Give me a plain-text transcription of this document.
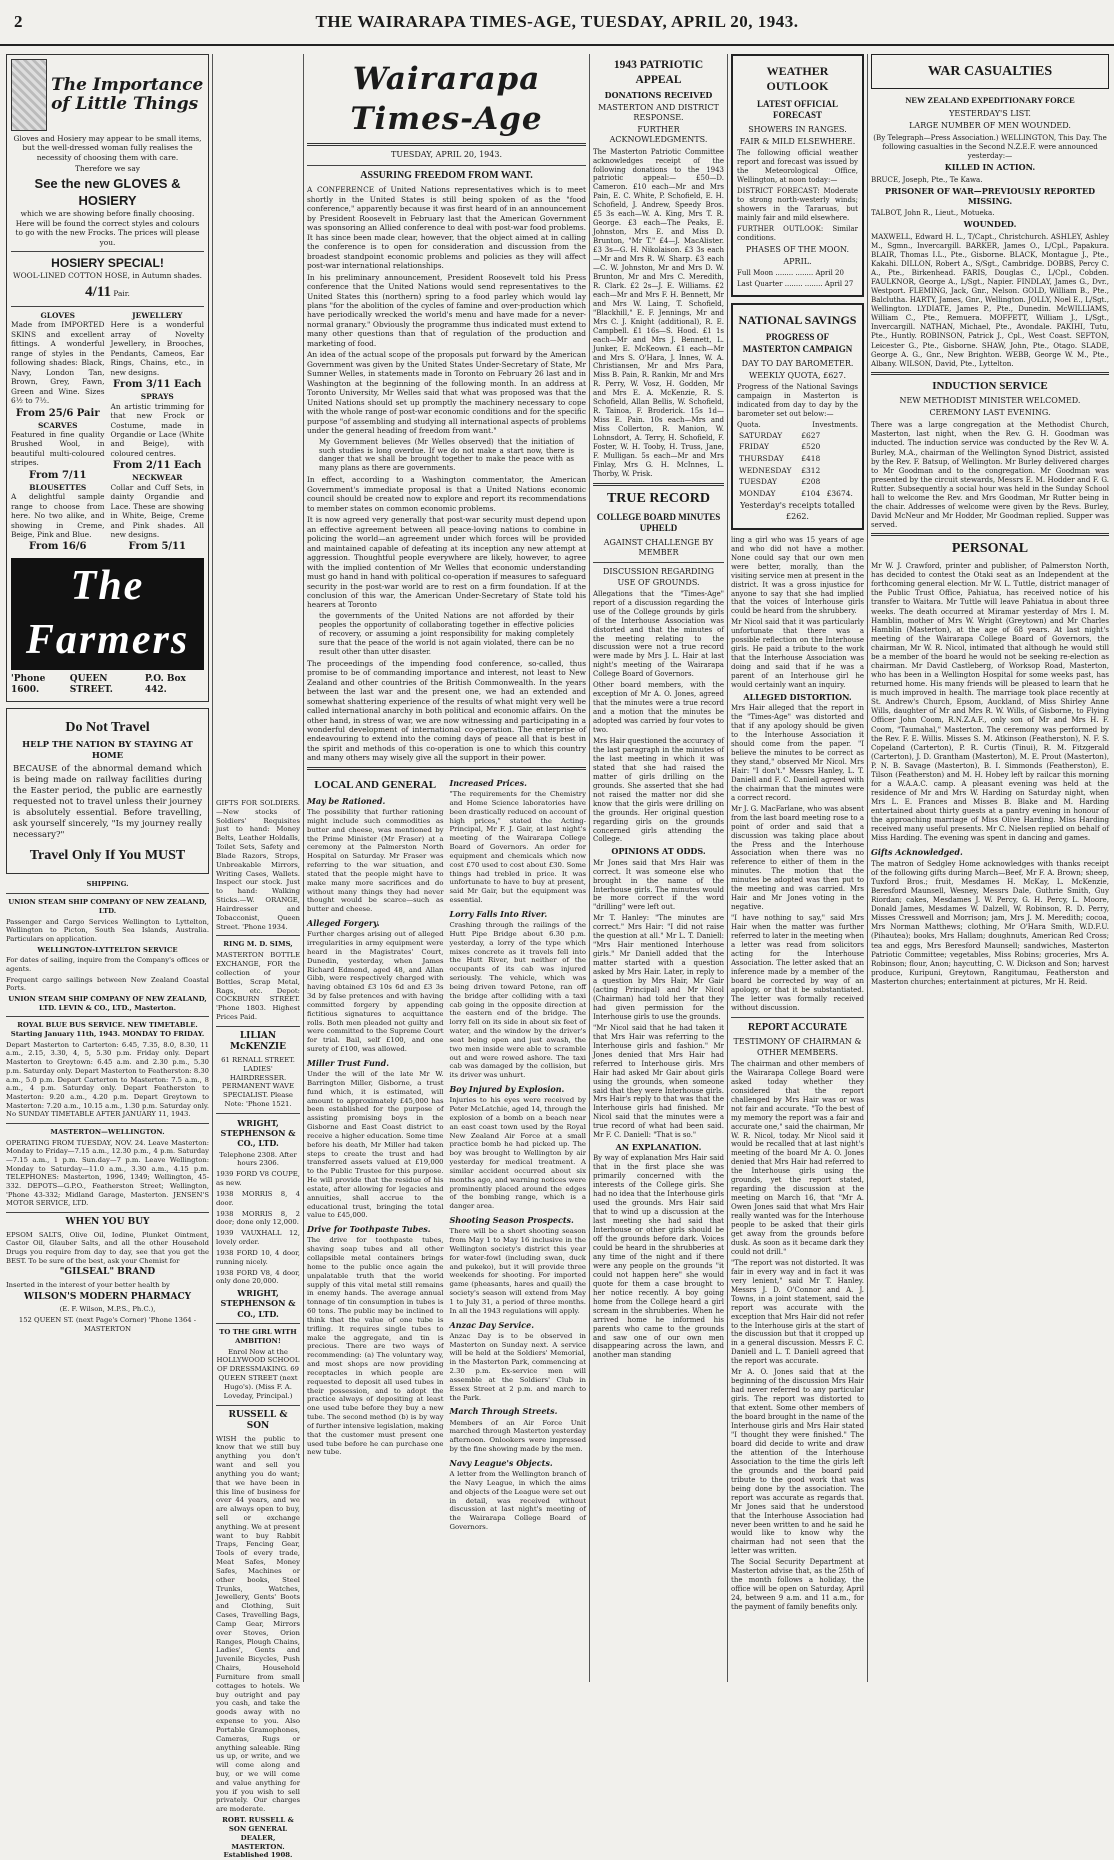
2	THE WAIRARAPA TIMES-AGE, TUESDAY, APRIL 20, 1943.
The Importance of Little Things

Gloves and Hosiery may appear to be small items, but the well-dressed woman fully realises the necessity of choosing them with care.

Therefore we say

See the new GLOVES & HOSIERY

which we are showing before finally choosing. Here will be found the correct styles and colours to go with the new Frocks. The prices will please you.

HOSIERY SPECIAL!

WOOL-LINED COTTON HOSE, in Autumn shades.

4/11 Pair.
GLOVES

Made from IMPORTED SKINS and excellent fittings. A wonderful range of styles in the following shades: Black, Navy, London Tan, Brown, Grey, Fawn, Green and Wine. Sizes 6½ to 7½.

From 25/6 Pair
SCARVES

Featured in fine quality Brushed Wool, in beautiful multi-coloured stripes.

From 7/11
BLOUSETTES

A delightful sample range to choose from here. No two alike, and showing in Creme, Beige, Pink and Blue.

From 16/6
JEWELLERY

Here is a wonderful array of Novelty Jewellery, in Brooches, Pendants, Cameos, Ear Rings, Chains, etc., in new designs.

From 3/11 Each
SPRAYS

An artistic trimming for that new Frock or Costume, made in Organdie or Lace (White and Beige), with coloured centres.

From 2/11 Each
NECKWEAR

Collar and Cuff Sets, in dainty Organdie and Lace. These are showing in White, Beige, Creme and Pink shades. All new designs.

From 5/11
The Farmers
'Phone 1600.
QUEEN STREET.
P.O. Box 442.
Do Not Travel
HELP THE NATION BY STAYING AT HOME

BECAUSE of the abnormal demand which is being made on railway facilities during the Easter period, the public are earnestly requested not to travel unless their journey is absolutely essential. Before travelling, ask yourself sincerely, "Is my journey really necessary?"

Travel Only If You MUST
SHIPPING.

UNION STEAM SHIP COMPANY OF NEW ZEALAND, LTD.

Passenger and Cargo Services Wellington to Lyttelton, Wellington to Picton, South Sea Islands, Australia. Particulars on application.

WELLINGTON-LYTTELTON SERVICE

For dates of sailing, inquire from the Company's offices or agents.

Frequent cargo sailings between New Zealand Coastal Ports.

UNION STEAM SHIP COMPANY OF NEW ZEALAND, LTD. LEVIN & CO., LTD., Masterton.

ROYAL BLUE BUS SERVICE. NEW TIMETABLE. Starting January 11th, 1943. MONDAY TO FRIDAY.

Depart Masterton to Carterton: 6.45, 7.35, 8.0, 8.30, 11 a.m., 2.15, 3.30, 4, 5, 5.30 p.m. Friday only. Depart Masterton to Greytown: 6.45 a.m. and 2.30 p.m., 5.30 p.m. Saturday only. Depart Masterton to Featherston: 8.30 a.m., 5.0 p.m. Depart Carterton to Masterton: 7.5 a.m., 8 a.m., 4 p.m. Saturday only. Depart Featherston to Masterton: 9.20 a.m., 4.20 p.m. Depart Greytown to Masterton: 7.20 a.m., 10.15 a.m., 1.30 p.m. Saturday only. No SUNDAY TIMETABLE AFTER JANUARY 11, 1943.

MASTERTON—WELLINGTON.

OPERATING FROM TUESDAY, NOV. 24. Leave Masterton: Monday to Friday—7.15 a.m., 12.30 p.m., 4 p.m. Saturday—7.15 a.m., 1 p.m. Sun.day—7 p.m. Leave Wellington: Monday to Saturday—11.0 a.m., 3.30 a.m., 4.15 p.m. TELEPHONES: Masterton, 1996, 1349; Wellington, 45-332. DEPOTS—G.P.O., Featherston Street; Wellington, 'Phone 43-332; Midland Garage, Masterton. JENSEN'S MOTOR SERVICE, LTD.

WHEN YOU BUY

EPSOM SALTS, Olive Oil, Iodine, Plunket Ointment, Castor Oil, Glauber Salts, and all the other Household Drugs you require from day to day, see that you get the BEST. To be sure of the best, ask your Chemist for

"GILSEAL" BRAND

Inserted in the interest of your better health by

WILSON'S MODERN PHARMACY

(E. F. Wilson, M.P.S., Ph.C.),

152 QUEEN ST. (next Page's Corner) 'Phone 1364 - MASTERTON

GIFTS FOR SOLDIERS.—New stocks of Soldiers' Requisites just to hand: Money Belts, Leather Holdalls, Toilet Sets, Safety and Blade Razors, Strops, Unbreakable Mirrors, Writing Cases, Wallets. Inspect our stock. Just to hand: Walking Sticks.—W. ORANGE, Hairdresser and Tobacconist, Queen Street. 'Phone 1934.

RING M. D. SIMS,

MASTERTON BOTTLE EXCHANGE, FOR the collection of your Bottles, Scrap Metal, Rags, etc. Depot: COCKBURN STREET. 'Phone 1803. Highest Prices Paid.

LILIAN McKENZIE

61 RENALL STREET. LADIES' HAIRDRESSER. PERMANENT WAVE SPECIALIST. Please Note: 'Phone 1521.

WRIGHT, STEPHENSON & CO., LTD.

Telephone 2308. After hours 2306.

1939 FORD V8 COUPE, as new.

1938 MORRIS 8, 4 door.

1938 MORRIS 8, 2 door; done only 12,000.

1939 VAUXHALL 12, lovely order.

1938 FORD 10, 4 door, running nicely.

1938 FORD V8, 4 door, only done 20,000.

WRIGHT, STEPHENSON & CO., LTD.

TO THE GIRL WITH AMBITION!

Enrol Now at the HOLLYWOOD SCHOOL OF DRESSMAKING. 69 QUEEN STREET (next Hugo's). (Miss F. A. Loveday, Principal.)

RUSSELL & SON

WISH the public to know that we still buy anything you don't want and sell you anything you do want; that we have been in this line of business for over 44 years, and we are always open to buy, sell or exchange anything. We at present want to buy Rabbit Traps, Fencing Gear, Tools of every trade, Meat Safes, Money Safes, Machines or other books, Steel Trunks, Watches, Jewellery, Gents' Boots and Clothing, Suit Cases, Travelling Bags, Camp Gear, Mirrors over Stoves, Orion Ranges, Plough Chains, Ladies', Gents and Juvenile Bicycles, Push Chairs, Household Furniture from small cottages to hotels. We buy outright and pay you cash, and take the goods away with no expense to you. Also Portable Gramophones, Cameras, Rugs or anything saleable. Ring us up, or write, and we will come along and buy, or we will come and value anything for you if you wish to sell privately. Our charges are moderate.

ROBT. RUSSELL & SON GENERAL DEALER, MASTERTON. Established 1908.

Wairarapa Times-Age
TUESDAY, APRIL 20, 1943.
ASSURING FREEDOM FROM WANT.

A CONFERENCE of United Nations representatives which is to meet shortly in the United States is still being spoken of as the "food conference," apparently because it was first heard of in an announcement by President Roosevelt in February last that the American Government was sponsoring an Allied conference to deal with post-war food problems. It has since been made clear, however, that the object aimed at in calling the conference is to open for consideration and discussion from the broadest standpoint economic problems and policies as they will affect post-war international relationships.

In his preliminary announcement, President Roosevelt told his Press conference that the United Nations would send representatives to the United States this (northern) spring to a food parley which would lay plans "for the abolition of the cycles of famine and over-production which have periodically wrecked the world's menu and have made for a never-normal granary." Obviously the programme thus indicated must extend to many other questions than that of regulation of the production and marketing of food.

An idea of the actual scope of the proposals put forward by the American Government was given by the United States Under-Secretary of State, Mr Sumner Welles, in statements made in Toronto on February 26 last and in Washington at the beginning of the following month. In an address at Toronto University, Mr Welles said that what was proposed was that the United Nations should set up promptly the machinery necessary to cope with the whole range of post-war economic conditions and for the specific purpose "of assembling and studying all international aspects of problems under the general heading of freedom from want."

My Government believes (Mr Welles observed) that the initiation of such studies is long overdue. If we do not make a start now, there is danger that we shall be brought together to make the peace with as many plans as there are governments.

In effect, according to a Washington commentator, the American Government's immediate proposal is that a United Nations economic council should be created now to explore and report its recommendations to member states on common economic problems.

It is now agreed very generally that post-war security must depend upon an effective agreement between all peace-loving nations to combine in policing the world—an agreement under which forces will be provided and maintained capable of defeating at its inception any new attempt at aggression. Thoughtful people everywhere are likely, however, to agree with the implied contention of Mr Welles that economic understanding must go hand in hand with political co-operation if measures to safeguard security in the post-war world are to rest on a firm foundation. If at the conclusion of this war, the American Under-Secretary of State told his hearers at Toronto

the governments of the United Nations are not afforded by their peoples the opportunity of collaborating together in effective policies of recovery, or assuming a joint responsibility for making completely sure that the peace of the world is not again violated, there can be no result other than utter disaster.

The proceedings of the impending food conference, so-called, thus promise to be of commanding importance and interest, not least to New Zealand and other countries of the British Commonwealth. In the years between the last war and the present one, we had an extended and somewhat shattering experience of the results of what might very well be called international anarchy in both political and economic affairs. On the other hand, in stress of war, we are now witnessing and participating in a wonderful development of international co-operation. The enterprise of endeavouring to extend into the coming days of peace all that is best in the spirit and methods of this co-operation is one to which this country and many others may wisely give all the support in their power.

LOCAL AND GENERAL
May be Rationed.

The possibility that further rationing might include such commodities as butter and cheese, was mentioned by the Prime Minister (Mr Fraser) at a ceremony at the Palmerston North Hospital on Saturday. Mr Fraser was referring to the war situation, and stated that the people might have to make many more sacrifices and do without many things they had never thought would be scarce—such as butter and cheese.

Alleged Forgery.

Further charges arising out of alleged irregularities in army equipment were heard in the Magistrates' Court, Dunedin, yesterday, when James Richard Edmond, aged 48, and Allan Gibb, were respectively charged with having obtained £3 10s 6d and £3 3s 3d by false pretences and with having committed forgery by appending fictitious signatures to acquittance rolls. Both men pleaded not guilty and were committed to the Supreme Court for trial. Bail, self £100, and one surety of £100, was allowed.

Miller Trust Fund.

Under the will of the late Mr W. Barrington Miller, Gisborne, a trust fund which, it is estimated, will amount to approximately £45,000 has been established for the purpose of assisting promising boys in the Gisborne and East Coast district to receive a higher education. Some time before his death, Mr Miller had taken steps to create the trust and had transferred assets valued at £19,000 to the Public Trustee for this purpose. He will provide that the residue of his estate, after allowing for legacies and annuities, shall accrue to the educational trust, bringing the total value to £45,000.

Drive for Toothpaste Tubes.

The drive for toothpaste tubes, shaving soap tubes and all other collapsible metal containers brings home to the public once again the unpalatable truth that the world supply of this vital metal still remains in enemy hands. The average annual tonnage of tin consumption in tubes is 60 tons. The public may be inclined to think that the value of one tube is trifling. It requires single tubes to make the aggregate, and tin is precious. There are two ways of recommending: (a) The voluntary way, and most shops are now providing receptacles in which people are requested to deposit all used tubes in their possession, and to adopt the practice always of depositing at least one used tube before they buy a new tube. The second method (b) is by way of further intensive legislation, making that the customer must present one used tube before he can purchase one new tube.

Increased Prices.

"The requirements for the Chemistry and Home Science laboratories have been drastically reduced on account of high prices," stated the Acting-Principal, Mr F. J. Gair, at last night's meeting of the Wairarapa College Board of Governors. An order for equipment and chemicals which now cost £70 used to cost about £30. Some things had trebled in price. It was unfortunate to have to buy at present, said Mr Gair, but the equipment was essential.

Lorry Falls Into River.

Crashing through the railings of the Hutt Pipe Bridge about 6.30 p.m. yesterday, a lorry of the type which mixes concrete as it travels fell into the Hutt River, but neither of the occupants of its cab was injured seriously. The vehicle, which was being driven toward Petone, ran off the bridge after colliding with a taxi cab going in the opposite direction at the eastern end of the bridge. The lorry fell on its side in about six feet of water, and the window by the driver's seat being open and just awash, the two men inside were able to scramble out and were rowed ashore. The taxi cab was damaged by the collision, but its driver was unhurt.

Boy Injured by Explosion.

Injuries to his eyes were received by Peter McLatchie, aged 14, through the explosion of a bomb on a beach near an east coast town used by the Royal New Zealand Air Force at a small practice bomb he had picked up. The boy was brought to Wellington by air yesterday for medical treatment. A similar accident occurred about six months ago, and warning notices were prominently placed around the edges of the bombing range, which is a danger area.

Shooting Season Prospects.

There will be a short shooting season from May 1 to May 16 inclusive in the Wellington society's district this year for water-fowl (including swan, duck and pukeko), but it will provide three weekends for shooting. For imported game (pheasants, hares and quail) the society's season will extend from May 1 to July 31, a period of three months. In all the 1943 regulations will apply.

Anzac Day Service.

Anzac Day is to be observed in Masterton on Sunday next. A service will be held at the Soldiers' Memorial, in the Masterton Park, commencing at 2.30 p.m. Ex-service men will assemble at the Soldiers' Club in Essex Street at 2 p.m. and march to the Park.

March Through Streets.

Members of an Air Force Unit marched through Masterton yesterday afternoon. Onlookers were impressed by the fine showing made by the men.

Navy League's Objects.

A letter from the Wellington branch of the Navy League, in which the aims and objects of the League were set out in detail, was received without discussion at last night's meeting of the Wairarapa College Board of Governors.

1943 PATRIOTIC APPEAL
DONATIONS RECEIVED
MASTERTON AND DISTRICT RESPONSE.
FURTHER ACKNOWLEDGMENTS.

The Masterton Patriotic Committee acknowledges receipt of the following donations to the 1943 patriotic appeal:— £50—D. Cameron. £10 each—Mr and Mrs Pain, E. C. White, P. Schofield, E. H. Schofield, J. Andrew, Speedy Bros. £5 3s each—W. A. King, Mrs T. R. George. £3 each—The Peaks, E. Johnston, Mrs E. and Miss D. Brunton, "Mr T." £4—J. MacAlister. £3 3s—G. H. Nikolaison. £3 3s each—Mr and Mrs R. W. Sharp. £3 each—C. W. Johnston, Mr and Mrs D. W. Brunton, Mr and Mrs C. Meredith, R. Clark. £2 2s—J. E. Williams. £2 each—Mr and Mrs F. H. Bennett, Mr and Mrs W. Laing, T. Schofield, "Blackhill," E. F. Jennings, Mr and Mrs C. J. Knight (additional), R. E. Campbell. £1 16s—S. Hood. £1 1s each—Mr and Mrs J. Bennett, L. Junker, E. McKeown. £1 each—Mr and Mrs S. O'Hara, J. Innes, W. A. Christiansen, Mr and Mrs Para, Miss B. Pain, R. Rankin, Mr and Mrs R. Perry, W. Vosz, H. Godden, Mr and Mrs E. A. McKenzie, R. S. Schofield, Allan Bellis, W. Schofield, R. Tainoa, F. Broderick. 15s 1d—Miss E. Pain. 10s each—Mrs and Miss Collerton, R. Manion, W. Lohnsdort, A. Terry, H. Schofield, F. Foster, W. H. Tooby, H. Truss, Jane, F. Mulligan. 5s each—Mr and Mrs Finlay, Mrs G. H. McInnes, L. Thorby, W. Prisk.

TRUE RECORD
COLLEGE BOARD MINUTES UPHELD
AGAINST CHALLENGE BY MEMBER
DISCUSSION REGARDING USE OF GROUNDS.

Allegations that the "Times-Age" report of a discussion regarding the use of the College grounds by girls of the Interhouse Association was distorted and that the minutes of the meeting relating to the discussion were not a true record were made by Mrs J. L. Hair at last night's meeting of the Wairarapa College Board of Governors.

Other board members, with the exception of Mr A. O. Jones, agreed that the minutes were a true record and a motion that the minutes be adopted was carried by four votes to two.

Mrs Hair questioned the accuracy of the last paragraph in the minutes of the last meeting in which it was stated that she had raised the matter of girls drilling on the grounds. She asserted that she had not raised the matter nor did she know that the girls were drilling on the grounds. Her original question regarding girls on the grounds concerned girls attending the College.

OPINIONS AT ODDS.

Mr Jones said that Mrs Hair was correct. It was someone else who brought in the name of the Interhouse girls. The minutes would be more correct if the word "drilling" were left out.

Mr T. Hanley: "The minutes are correct." Mrs Hair: "I did not raise the question at all." Mr L. T. Daniell: "Mrs Hair mentioned Interhouse girls." Mr Daniell added that the matter started with a question asked by Mrs Hair. Later, in reply to a question by Mrs Hair, Mr Gair (acting Principal) and Mr Nicol (Chairman) had told her that they had given permission for the Interhouse girls to use the grounds.

"Mr Nicol said that he had taken it that Mrs Hair was referring to the Interhouse girls and fashion." Mr Jones denied that Mrs Hair had referred to Interhouse girls. Mrs Hair had asked Mr Gair about girls using the grounds, when someone said that they were Interhouse girls. Mrs Hair's reply to that was that the Interhouse girls had finished. Mr Nicol said that the minutes were a true record of what had been said. Mr F. C. Daniell: "That is so."

AN EXPLANATION.

By way of explanation Mrs Hair said that in the first place she was primarily concerned with the interests of the College girls. She had no idea that the Interhouse girls used the grounds. Mrs Hair said that to wind up a discussion at the last meeting she had said that Interhouse or other girls should be off the grounds before dark. Voices could be heard in the shrubberies at any time of the night and if there were any people on the grounds "it could not happen here" she would quote for them a case brought to her notice recently. A boy going home from the College heard a girl scream in the shrubberies. When he arrived home he informed his parents who came to the grounds and saw one of our own men disappearing across the lawn, and another man standing

WEATHER OUTLOOK
LATEST OFFICIAL FORECAST
SHOWERS IN RANGES.
FAIR & MILD ELSEWHERE.

The following official weather report and forecast was issued by the Meteorological Office, Wellington, at noon today:—

DISTRICT FORECAST: Moderate to strong north-westerly winds; showers in the Tararuas, but mainly fair and mild elsewhere.

FURTHER OUTLOOK: Similar conditions.

PHASES OF THE MOON.
APRIL.

Full Moon ........ ........ April 20

Last Quarter ........ ........ April 27

NATIONAL SAVINGS
PROGRESS OF MASTERTON CAMPAIGN
DAY TO DAY BAROMETER.
WEEKLY QUOTA, £627.

Progress of the National Savings campaign in Masterton is indicated from day to day by the barometer set out below:—

Quota.	Investments.
SATURDAY	£627	
FRIDAY	£520	
THURSDAY	£418	
WEDNESDAY	£312	
TUESDAY	£208	
MONDAY	£104	£3674.
Yesterday's receipts totalled £262.

ling a girl who was 15 years of age and who did not have a mother. None could say that our own men were better, morally, than the visiting service men at present in the district. It was a gross injustice for anyone to say that she had implied that the voices of Interhouse girls could be heard from the shrubbery.

Mr Nicol said that it was particularly unfortunate that there was a possible reflection on the Interhouse girls. He paid a tribute to the work that the Interhouse Association was doing and said that if he was a parent of an Interhouse girl he would certainly want an inquiry.

ALLEGED DISTORTION.

Mrs Hair alleged that the report in the "Times-Age" was distorted and that if any apology should be given to the Interhouse Association it should come from the paper. "I believe the minutes to be correct as they stand," observed Mr Nicol. Mrs Hair: "I don't." Messrs Hanley, L. T. Daniell and F. C. Daniell agreed with the chairman that the minutes were a correct record.

Mr J. G. MacFarlane, who was absent from the last board meeting rose to a point of order and said that a discussion was taking place about the Press and the Interhouse Association when there was no reference to either of them in the minutes. The motion that the minutes be adopted was then put to the meeting and was carried. Mrs Hair and Mr Jones voting in the negative.

"I have nothing to say," said Mrs Hair when the matter was further referred to later in the meeting when a letter was read from solicitors acting for the Interhouse Association. The letter asked that an inference made by a member of the board be corrected by way of an apology, or that it be substantiated. The letter was formally received without discussion.

REPORT ACCURATE
TESTIMONY OF CHAIRMAN & OTHER MEMBERS.

The chairman and other members of the Wairarapa College Board were asked today whether they considered that the report challenged by Mrs Hair was or was not fair and accurate. "To the best of my memory the report was a fair and accurate one," said the chairman, Mr W. R. Nicol, today. Mr Nicol said it would be recalled that at last night's meeting of the board Mr A. O. Jones denied that Mrs Hair had referred to the Interhouse girls using the grounds, yet the report stated, regarding the discussion at the meeting on March 16, that "Mr A. Owen Jones said that what Mrs Hair really wanted was for the Interhouse people to be asked that their girls get away from the grounds before dusk. As soon as it became dark they could not drill."

"The report was not distorted. It was fair in every way and in fact it was very lenient," said Mr T. Hanley. Messrs J. D. O'Connor and A. J. Towns, in a joint statement, said the report was accurate with the exception that Mrs Hair did not refer to the Interhouse girls at the start of the discussion but that it cropped up in a general discussion. Messrs F. C. Daniell and L. T. Daniell agreed that the report was accurate.

Mr A. O. Jones said that at the beginning of the discussion Mrs Hair had never referred to any particular girls. The report was distorted to that extent. Some other members of the board brought in the name of the Interhouse girls and Mrs Hair stated "I thought they were finished." The board did decide to write and draw the attention of the Interhouse Association to the time the girls left the grounds and the board paid tribute to the good work that was being done by the association. The report was accurate as regards that. Mr Jones said that he understood that the Interhouse Association had never been written to and he said he would like to know why the chairman had not seen that the letter was written.

The Social Security Department at Masterton advise that, as the 25th of the month follows a holiday, the office will be open on Saturday, April 24, between 9 a.m. and 11 a.m., for the payment of family benefits only.

WAR CASUALTIES
NEW ZEALAND EXPEDITIONARY FORCE
YESTERDAY'S LIST.
LARGE NUMBER OF MEN WOUNDED.

(By Telegraph—Press Association.) WELLINGTON, This Day. The following casualties in the Second N.Z.E.F. were announced yesterday:—

KILLED IN ACTION.

BRUCE, Joseph, Pte., Te Kawa.

PRISONER OF WAR—PREVIOUSLY REPORTED MISSING.

TALBOT, John R., Lieut., Motueka.

WOUNDED.

MAXWELL, Edward H. L., T/Capt., Christchurch. ASHLEY, Ashley M., Sgmn., Invercargill. BARKER, James O., L/Cpl., Papakura. BLAIR, Thomas I.L., Pte., Gisborne. BLACK, Montague J., Pte., Kakahi. DILLON, Robert A., S/Sgt., Cambridge. DOBBS, Percy C. A., Pte., Birkenhead. FARIS, Douglas C., L/Cpl., Cobden. FAULKNOR, George A., L/Sgt., Napier. FINDLAY, James G., Dvr., Westport. FLEMING, Jack, Gnr., Nelson. GOLD, William B., Pte., Balclutha. HARTY, James, Gnr., Wellington. JOLLY, Noel E., L/Sgt., Wellington. LYDIATE, James P., Pte., Dunedin. McWILLIAMS, William C., Pte., Remuera. MOFFETT, William J., L/Sgt., Invercargill. NATHAN, Michael, Pte., Avondale. PAKIHI, Tutu, Pte., Huntly. ROBINSON, Patrick J., Cpl., West Coast. SEFTON, Leicester G., Pte., Gisborne. SHAW, John, Pte., Otago. SLADE, George A. G., Gnr., New Brighton. WEBB, George W. M., Pte., Albany. WILSON, David, Pte., Lyttelton.

INDUCTION SERVICE
NEW METHODIST MINISTER WELCOMED.
CEREMONY LAST EVENING.

There was a large congregation at the Methodist Church, Masterton, last night, when the Rev. G. H. Goodman was inducted. The induction service was conducted by the Rev W. A. Burley, M.A., chairman of the Wellington Synod District, assisted by the Rev. F. Batsup, of Wellington. Mr Burley delivered charges to Mr Goodman and to the congregation. Mr Goodman was presented by the circuit stewards, Messrs E. M. Hodder and F. G. Rutter. Subsequently a social hour was held in the Sunday School hall to welcome the Rev. and Mrs Goodman, Mr Rutter being in the chair. Addresses of welcome were given by the Revs. Burley, David McNeur and Mr Hodder, Mr Goodman replied. Supper was served.

PERSONAL

Mr W. J. Crawford, printer and publisher, of Palmerston North, has decided to contest the Otaki seat as an Independent at the forthcoming general election. Mr W. L. Tuttle, district manager of the Public Trust Office, Pahiatua, has received notice of his transfer to Waitara. Mr Tuttle will leave Pahiatua in about three weeks. The death occurred at Miramar yesterday of Mrs I. M. Hamblin, mother of Mrs W. Wright (Greytown) and Mr Charles Hamblin (Masterton), at the age of 68 years. At last night's meeting of the Wairarapa College Board of Governors, the chairman, Mr W. R. Nicol, intimated that although he would still be a member of the board he would not be seeking re-election as chairman. Mr David Castleberg, of Worksop Road, Masterton, who has been in a Wellington Hospital for some weeks past, has returned home. His many friends will be pleased to learn that he is much improved in health. The marriage took place recently at St. Andrew's Church, Epsom, Auckland, of Miss Shirley Anne Wills, daughter of Mr and Mrs R. W. Wills, of Gisborne, to Flying Officer John Coom, R.N.Z.A.F., only son of Mr and Mrs H. F. Coom, "Taumahal," Masterton. The ceremony was performed by the Rev. F. E. Willis. Misses S. M. Atkinson (Featherston), N. F. S. Copeland (Carterton), P. R. Curtis (Tinui), R. M. Fitzgerald (Carterton), J. D. Grantham (Masterton), M. E. Prout (Masterton), P. N. B. Savage (Masterton), B. I. Simmonds (Featherston), E. Tilson (Featherston) and M. H. Hobey left by railcar this morning for a W.A.A.C. camp. A pleasant evening was held at the residence of Mr and Mrs W. Harding on Saturday night, when Mrs L. E. Frances and Misses B. Blake and M. Harding entertained about thirty guests at a pantry evening in honour of the approaching marriage of Miss Olive Harding. Miss Harding received many useful presents. Mr C. Nielsen replied on behalf of Miss Harding. The evening was spent in dancing and games.

Gifts Acknowledged.

The matron of Sedgley Home acknowledges with thanks receipt of the following gifts during March—Beef, Mr F. A. Brown; sheep, Tuxford Bros.; fruit, Mesdames H. McKay, L. McKenzie, Beresford Maunsell, Wesney, Messrs Dale, Guthrie Smith, Guy Riordan; cakes, Mesdames J. W. Percy, G. H. Percy, L. Moore, Donald James, Mesdames W. Dalzell, W. Robinson, R. D. Perry, Misses Cresswell and Morrison; jam, Mrs J. M. Meredith; cocoa, Mrs Norman Matthews; clothing, Mr O'Hara Smith, W.D.F.U. (Pihautea); books, Mrs Hallam; doughnuts, American Red Cross; tea and eggs, Mrs Beresford Maunsell; sandwiches, Masterton Patriotic Committee; vegetables, Miss Robins; groceries, Mrs A. Robinson; flour, Anon; haycutting, C. W. Dickson and Son; harvest produce, Kuripuni, Greytown, Rangitumau, Featherston and Masterton churches; entertainment at pictures, Mr H. Reid.
